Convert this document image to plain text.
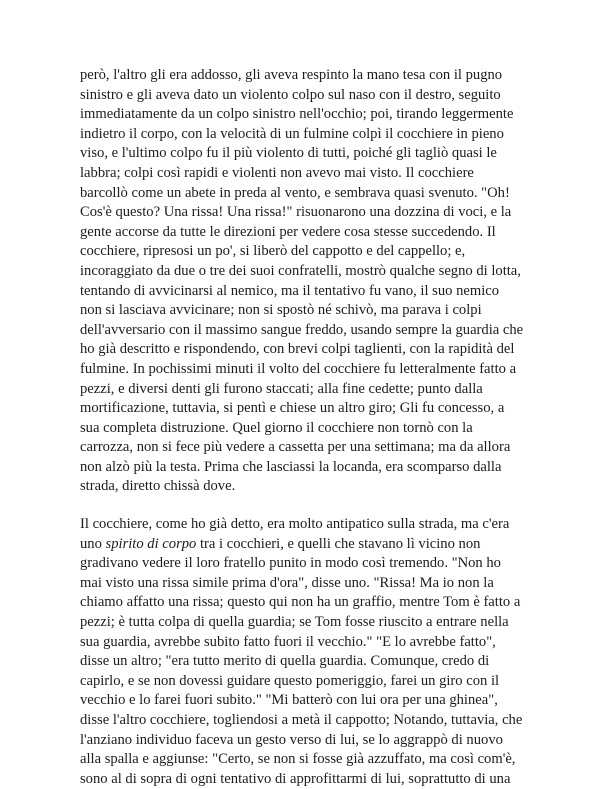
però, l'altro gli era addosso, gli aveva respinto la mano tesa con il pugno sinistro e gli aveva dato un violento colpo sul naso con il destro, seguito immediatamente da un colpo sinistro nell'occhio; poi, tirando leggermente indietro il corpo, con la velocità di un fulmine colpì il cocchiere in pieno viso, e l'ultimo colpo fu il più violento di tutti, poiché gli tagliò quasi le labbra; colpi così rapidi e violenti non avevo mai visto. Il cocchiere barcollò come un abete in preda al vento, e sembrava quasi svenuto. "Oh! Cos'è questo? Una rissa! Una rissa!" risuonarono una dozzina di voci, e la gente accorse da tutte le direzioni per vedere cosa stesse succedendo. Il cocchiere, ripresosi un po', si liberò del cappotto e del cappello; e, incoraggiato da due o tre dei suoi confratelli, mostrò qualche segno di lotta, tentando di avvicinarsi al nemico, ma il tentativo fu vano, il suo nemico non si lasciava avvicinare; non si spostò né schivò, ma parava i colpi dell'avversario con il massimo sangue freddo, usando sempre la guardia che ho già descritto e rispondendo, con brevi colpi taglienti, con la rapidità del fulmine. In pochissimi minuti il volto del cocchiere fu letteralmente fatto a pezzi, e diversi denti gli furono staccati; alla fine cedette; punto dalla mortificazione, tuttavia, si pentì e chiese un altro giro; Gli fu concesso, a sua completa distruzione. Quel giorno il cocchiere non tornò con la carrozza, non si fece più vedere a cassetta per una settimana; ma da allora non alzò più la testa. Prima che lasciassi la locanda, era scomparso dalla strada, diretto chissà dove.

Il cocchiere, come ho già detto, era molto antipatico sulla strada, ma c'era uno spirito di corpo tra i cocchieri, e quelli che stavano lì vicino non gradivano vedere il loro fratello punito in modo così tremendo. "Non ho mai visto una rissa simile prima d'ora", disse uno. "Rissa! Ma io non la chiamo affatto una rissa; questo qui non ha un graffio, mentre Tom è fatto a pezzi; è tutta colpa di quella guardia; se Tom fosse riuscito a entrare nella sua guardia, avrebbe subito fatto fuori il vecchio." "E lo avrebbe fatto", disse un altro; "era tutto merito di quella guardia. Comunque, credo di capirlo, e se non dovessi guidare questo pomeriggio, farei un giro con il vecchio e lo farei fuori subito." "Mi batterò con lui ora per una ghinea", disse l'altro cocchiere, togliendosi a metà il cappotto; Notando, tuttavia, che l'anziano individuo faceva un gesto verso di lui, se lo aggrappò di nuovo alla spalla e aggiunse: "Certo, se non si fosse già azzuffato, ma così com'è, sono al di sopra di ogni tentativo di approfittarmi di lui, soprattutto di una
